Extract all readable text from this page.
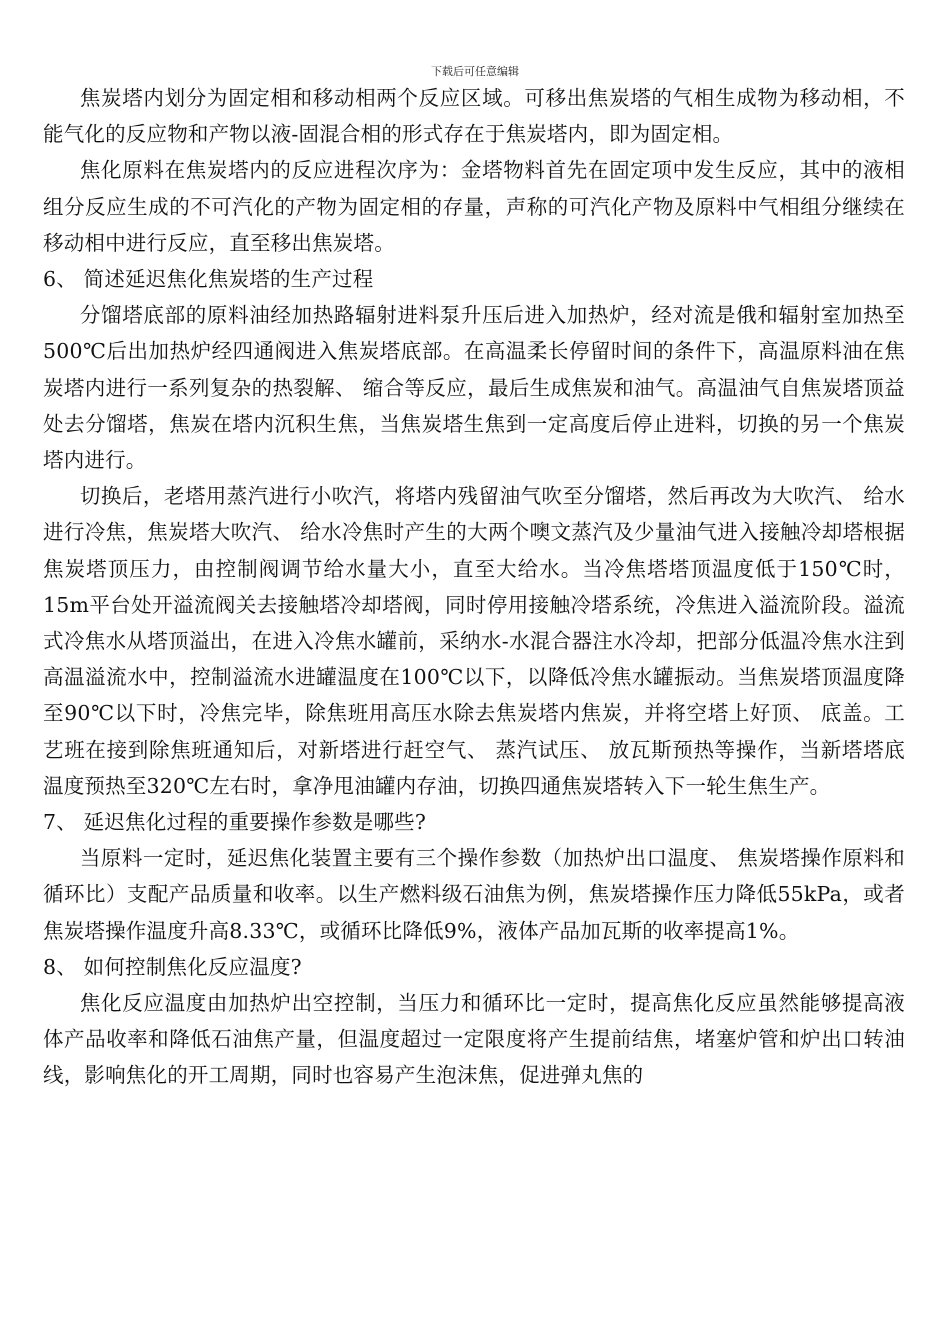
下载后可任意编辑

焦炭塔内划分为固定相和移动相两个反应区域。可移出焦炭塔的气相生成物为移动相，不能气化的反应物和产物以液-固混合相的形式存在于焦炭塔内，即为固定相。

焦化原料在焦炭塔内的反应进程次序为：金塔物料首先在固定项中发生反应，其中的液相组分反应生成的不可汽化的产物为固定相的存量，声称的可汽化产物及原料中气相组分继续在移动相中进行反应，直至移出焦炭塔。

6、 简述延迟焦化焦炭塔的生产过程

分馏塔底部的原料油经加热路辐射进料泵升压后进入加热炉，经对流是俄和辐射室加热至500℃后出加热炉经四通阀进入焦炭塔底部。在高温柔长停留时间的条件下，高温原料油在焦炭塔内进行一系列复杂的热裂解、 缩合等反应，最后生成焦炭和油气。高温油气自焦炭塔顶益处去分馏塔，焦炭在塔内沉积生焦，当焦炭塔生焦到一定高度后停止进料，切换的另一个焦炭塔内进行。

切换后，老塔用蒸汽进行小吹汽，将塔内残留油气吹至分馏塔，然后再改为大吹汽、 给水进行冷焦，焦炭塔大吹汽、 给水冷焦时产生的大两个噢文蒸汽及少量油气进入接触冷却塔根据焦炭塔顶压力，由控制阀调节给水量大小，直至大给水。当冷焦塔塔顶温度低于150℃时，15m平台处开溢流阀关去接触塔冷却塔阀，同时停用接触冷塔系统，冷焦进入溢流阶段。溢流式冷焦水从塔顶溢出，在进入冷焦水罐前，采纳水-水混合器注水冷却，把部分低温冷焦水注到高温溢流水中，控制溢流水进罐温度在100℃以下，以降低冷焦水罐振动。当焦炭塔顶温度降至90℃以下时，冷焦完毕，除焦班用高压水除去焦炭塔内焦炭，并将空塔上好顶、 底盖。工艺班在接到除焦班通知后，对新塔进行赶空气、 蒸汽试压、 放瓦斯预热等操作，当新塔塔底温度预热至320℃左右时，拿净甩油罐内存油，切换四通焦炭塔转入下一轮生焦生产。

7、 延迟焦化过程的重要操作参数是哪些?

当原料一定时，延迟焦化装置主要有三个操作参数（加热炉出口温度、 焦炭塔操作原料和循环比）支配产品质量和收率。以生产燃料级石油焦为例，焦炭塔操作压力降低55kPa，或者焦炭塔操作温度升高8.33℃，或循环比降低9%，液体产品加瓦斯的收率提高1%。

8、 如何控制焦化反应温度?

焦化反应温度由加热炉出空控制，当压力和循环比一定时，提高焦化反应虽然能够提高液体产品收率和降低石油焦产量，但温度超过一定限度将产生提前结焦，堵塞炉管和炉出口转油线，影响焦化的开工周期，同时也容易产生泡沫焦，促进弹丸焦的
